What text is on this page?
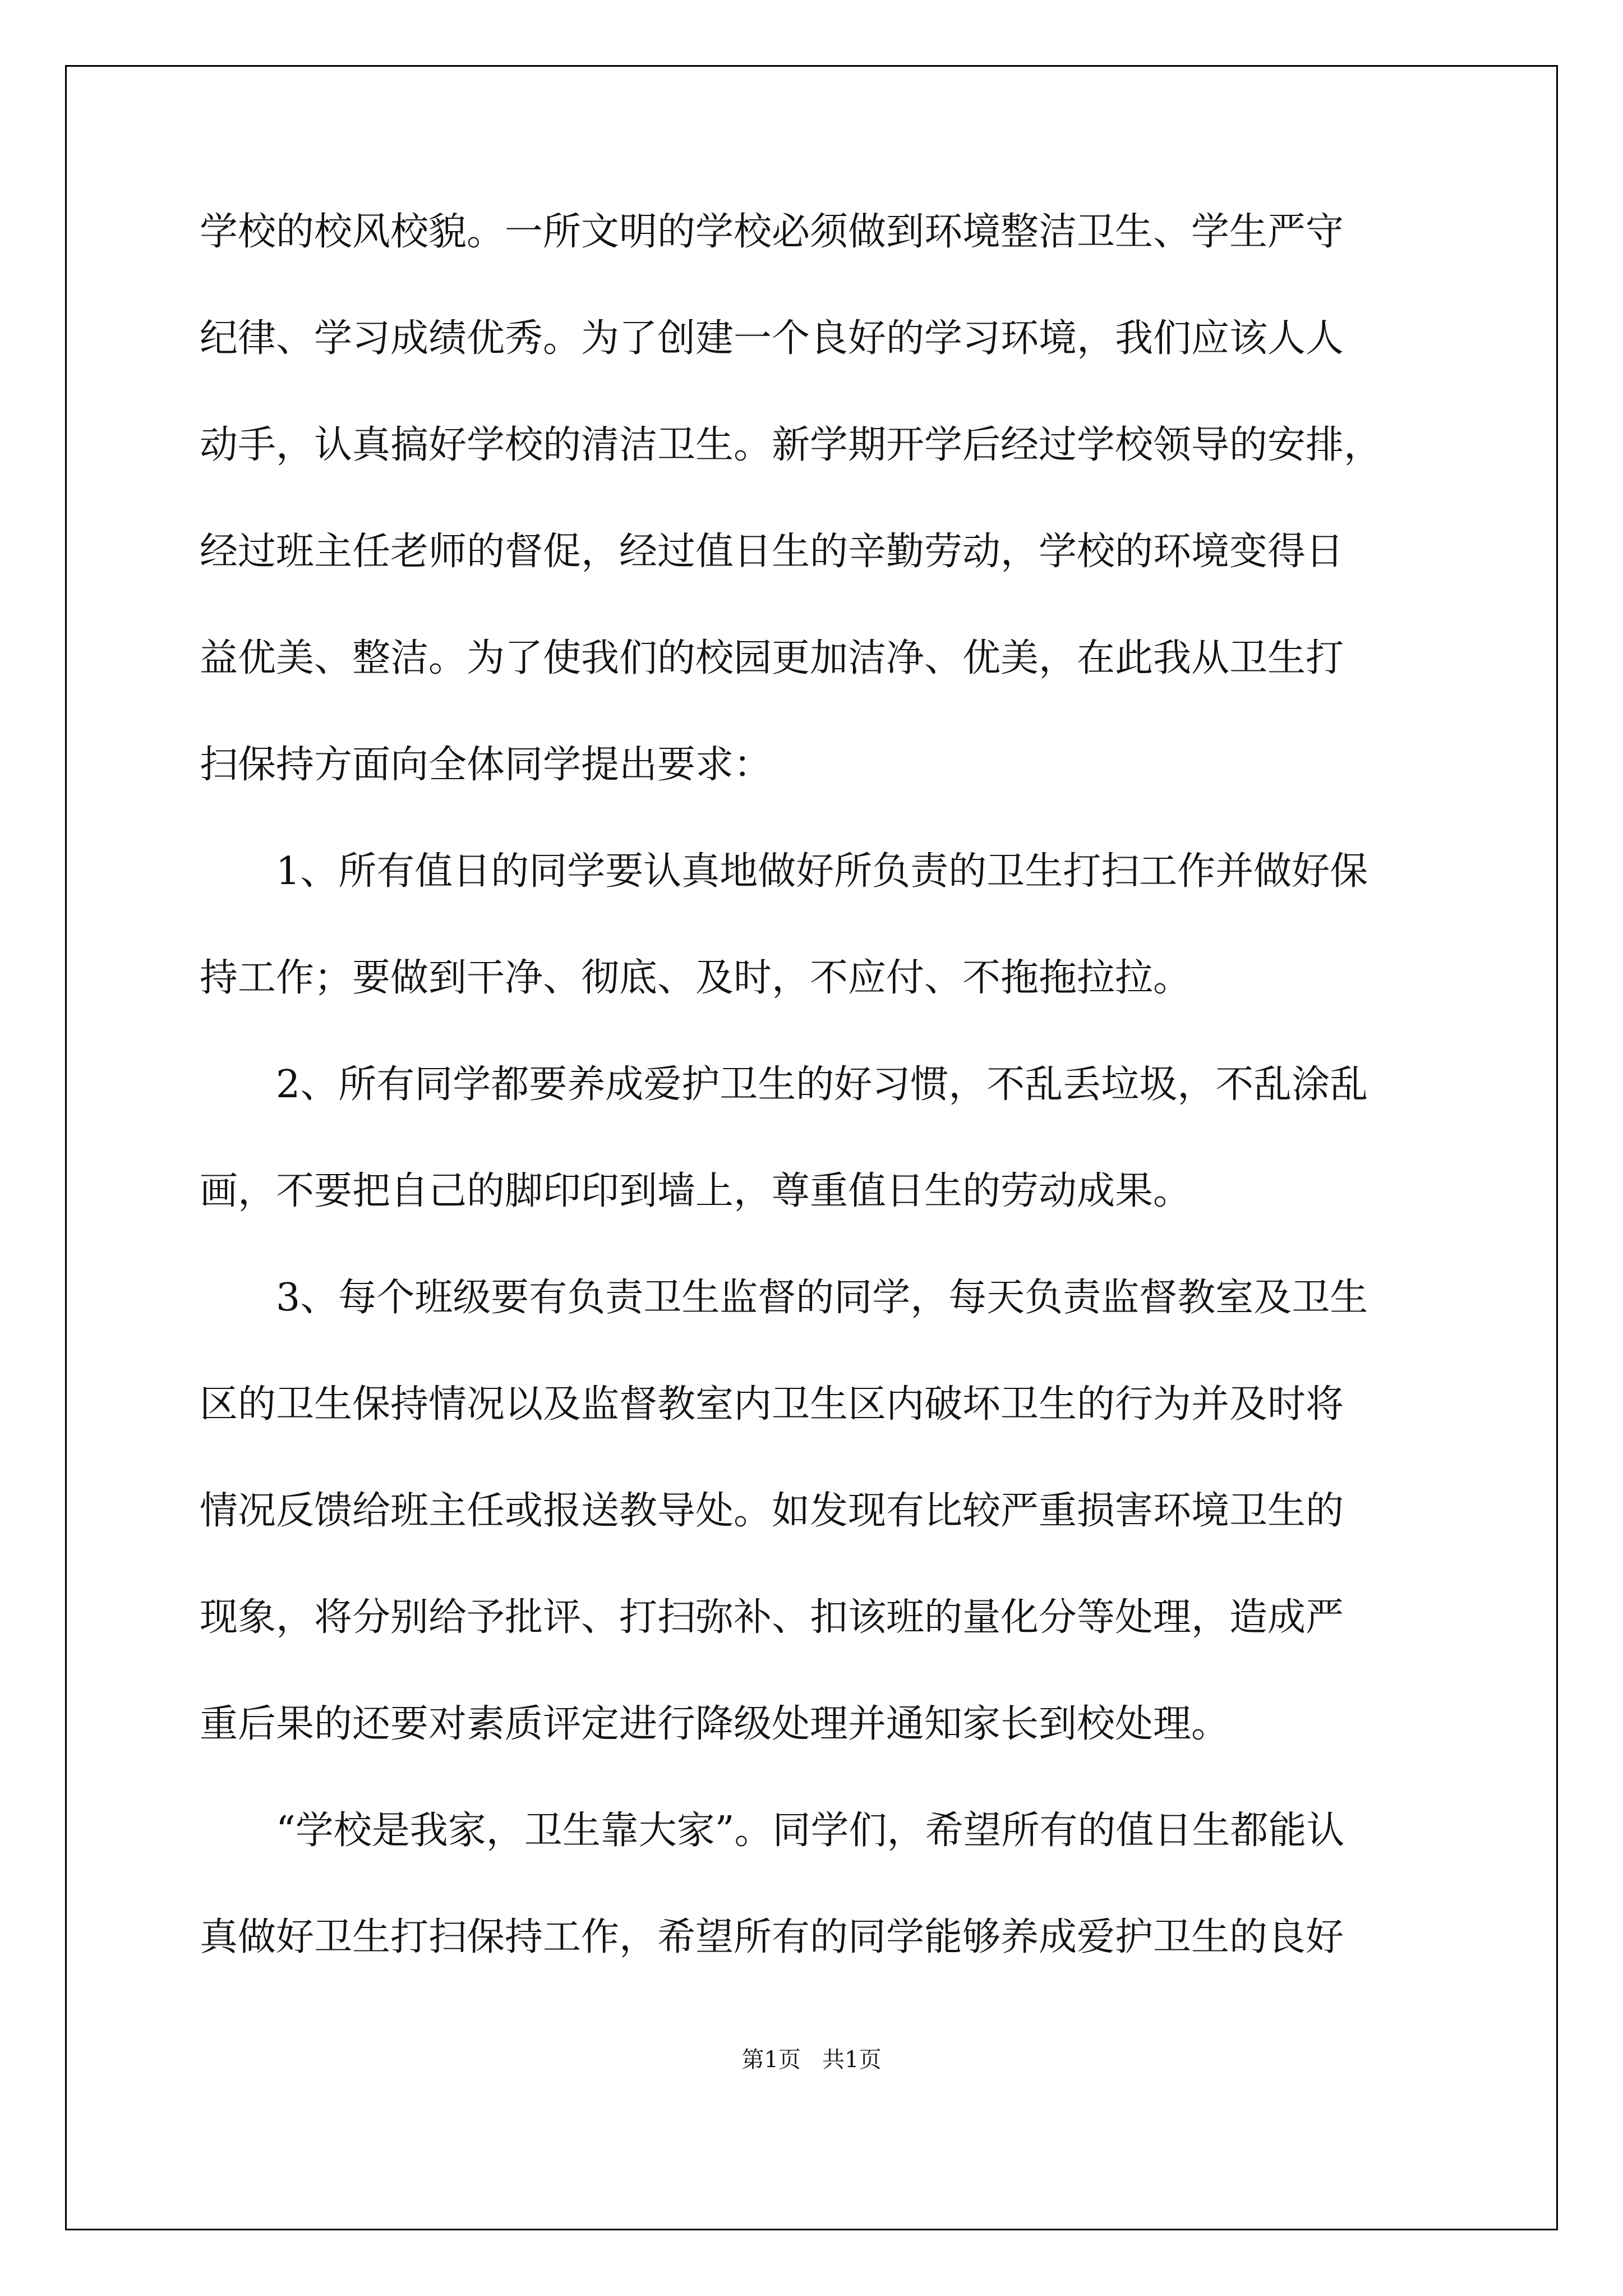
学校的校风校貌。一所文明的学校必须做到环境整洁卫生、学生严守
纪律、学习成绩优秀。为了创建一个良好的学习环境，我们应该人人
动手，认真搞好学校的清洁卫生。新学期开学后经过学校领导的安排，
经过班主任老师的督促，经过值日生的辛勤劳动，学校的环境变得日
益优美、整洁。为了使我们的校园更加洁净、优美，在此我从卫生打
扫保持方面向全体同学提出要求：
1、所有值日的同学要认真地做好所负责的卫生打扫工作并做好保
持工作；要做到干净、彻底、及时，不应付、不拖拖拉拉。
2、所有同学都要养成爱护卫生的好习惯，不乱丢垃圾，不乱涂乱
画，不要把自己的脚印印到墙上，尊重值日生的劳动成果。
3、每个班级要有负责卫生监督的同学，每天负责监督教室及卫生
区的卫生保持情况以及监督教室内卫生区内破坏卫生的行为并及时将
情况反馈给班主任或报送教导处。如发现有比较严重损害环境卫生的
现象，将分别给予批评、打扫弥补、扣该班的量化分等处理，造成严
重后果的还要对素质评定进行降级处理并通知家长到校处理。
“学校是我家，卫生靠大家”。同学们，希望所有的值日生都能认
真做好卫生打扫保持工作，希望所有的同学能够养成爱护卫生的良好
第1页   共1页
